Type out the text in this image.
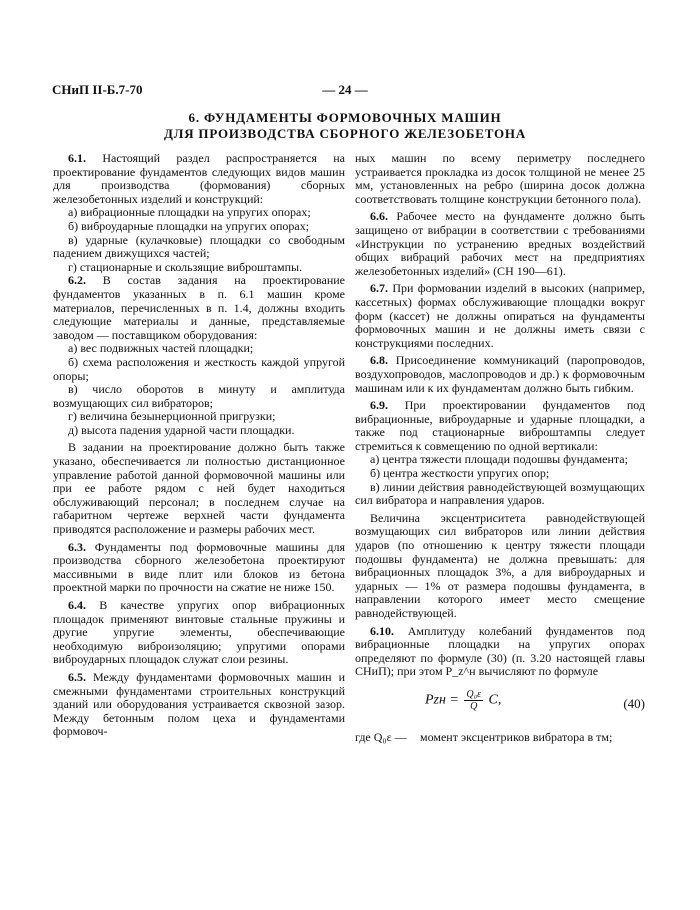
СНиП II-Б.7-70	— 24 —
6. ФУНДАМЕНТЫ ФОРМОВОЧНЫХ МАШИН
ДЛЯ ПРОИЗВОДСТВА СБОРНОГО ЖЕЛЕЗОБЕТОНА

6.1. Настоящий раздел распространяется на проектирование фундаментов следующих видов машин для производства (формования) сборных железобетонных изделий и конструкций:

а) вибрационные площадки на упругих опорах;

б) виброударные площадки на упругих опорах;

в) ударные (кулачковые) площадки со свободным падением движущихся частей;

г) стационарные и скользящие виброштампы.

6.2. В состав задания на проектирование фундаментов указанных в п. 6.1 машин кроме материалов, перечисленных в п. 1.4, должны входить следующие материалы и данные, представляемые заводом — поставщиком оборудования:

а) вес подвижных частей площадки;

б) схема расположения и жесткость каждой упругой опоры;

в) число оборотов в минуту и амплитуда возмущающих сил вибраторов;

г) величина безынерционной пригрузки;

д) высота падения ударной части площадки.

В задании на проектирование должно быть также указано, обеспечивается ли полностью дистанционное управление работой данной формовочной машины или при ее работе рядом с ней будет находиться обслуживающий персонал; в последнем случае на габаритном чертеже верхней части фундамента приводятся расположение и размеры рабочих мест.

6.3. Фундаменты под формовочные машины для производства сборного железобетона проектируют массивными в виде плит или блоков из бетона проектной марки по прочности на сжатие не ниже 150.

6.4. В качестве упругих опор вибрационных площадок применяют винтовые стальные пружины и другие упругие элементы, обеспечивающие необходимую виброизоляцию; упругими опорами виброударных площадок служат слои резины.

6.5. Между фундаментами формовочных машин и смежными фундаментами строительных конструкций зданий или оборудования устраивается сквозной зазор. Между бетонным полом цеха и фундаментами формовоч-

ных машин по всему периметру последнего устраивается прокладка из досок толщиной не менее 25 мм, установленных на ребро (ширина досок должна соответствовать толщине конструкции бетонного пола).

6.6. Рабочее место на фундаменте должно быть защищено от вибрации в соответствии с требованиями «Инструкции по устранению вредных воздействий общих вибраций рабочих мест на предприятиях железобетонных изделий» (СН 190—61).

6.7. При формовании изделий в высоких (например, кассетных) формах обслуживающие площадки вокруг форм (кассет) не должны опираться на фундаменты формовочных машин и не должны иметь связи с конструкциями последних.

6.8. Присоединение коммуникаций (паропроводов, воздухопроводов, маслопроводов и др.) к формовочным машинам или к их фундаментам должно быть гибким.

6.9. При проектировании фундаментов под вибрационные, виброударные и ударные площадки, а также под стационарные виброштампы следует стремиться к совмещению по одной вертикали:

а) центра тяжести площади подошвы фундамента;

б) центра жесткости упругих опор;

в) линии действия равнодействующей возмущающих сил вибратора и направления ударов.

Величина эксцентриситета равнодействующей возмущающих сил вибраторов или линии действия ударов (по отношению к центру тяжести площади подошвы фундамента) не должна превышать: для вибрационных площадок 3%, а для виброударных и ударных — 1% от размера подошвы фундамента, в направлении которого имеет место смещение равнодействующей.

6.10. Амплитуду колебаний фундаментов под вибрационные площадки на упругих опорах определяют по формуле (30) (п. 3.20 настоящей главы СНиП); при этом P_z^н вычисляют по формуле

Pzн = $\frac{\text{Q₀ε}}{Q} C$,	(40)
где Q₀ε — момент эксцентриков вибратора в тм;
